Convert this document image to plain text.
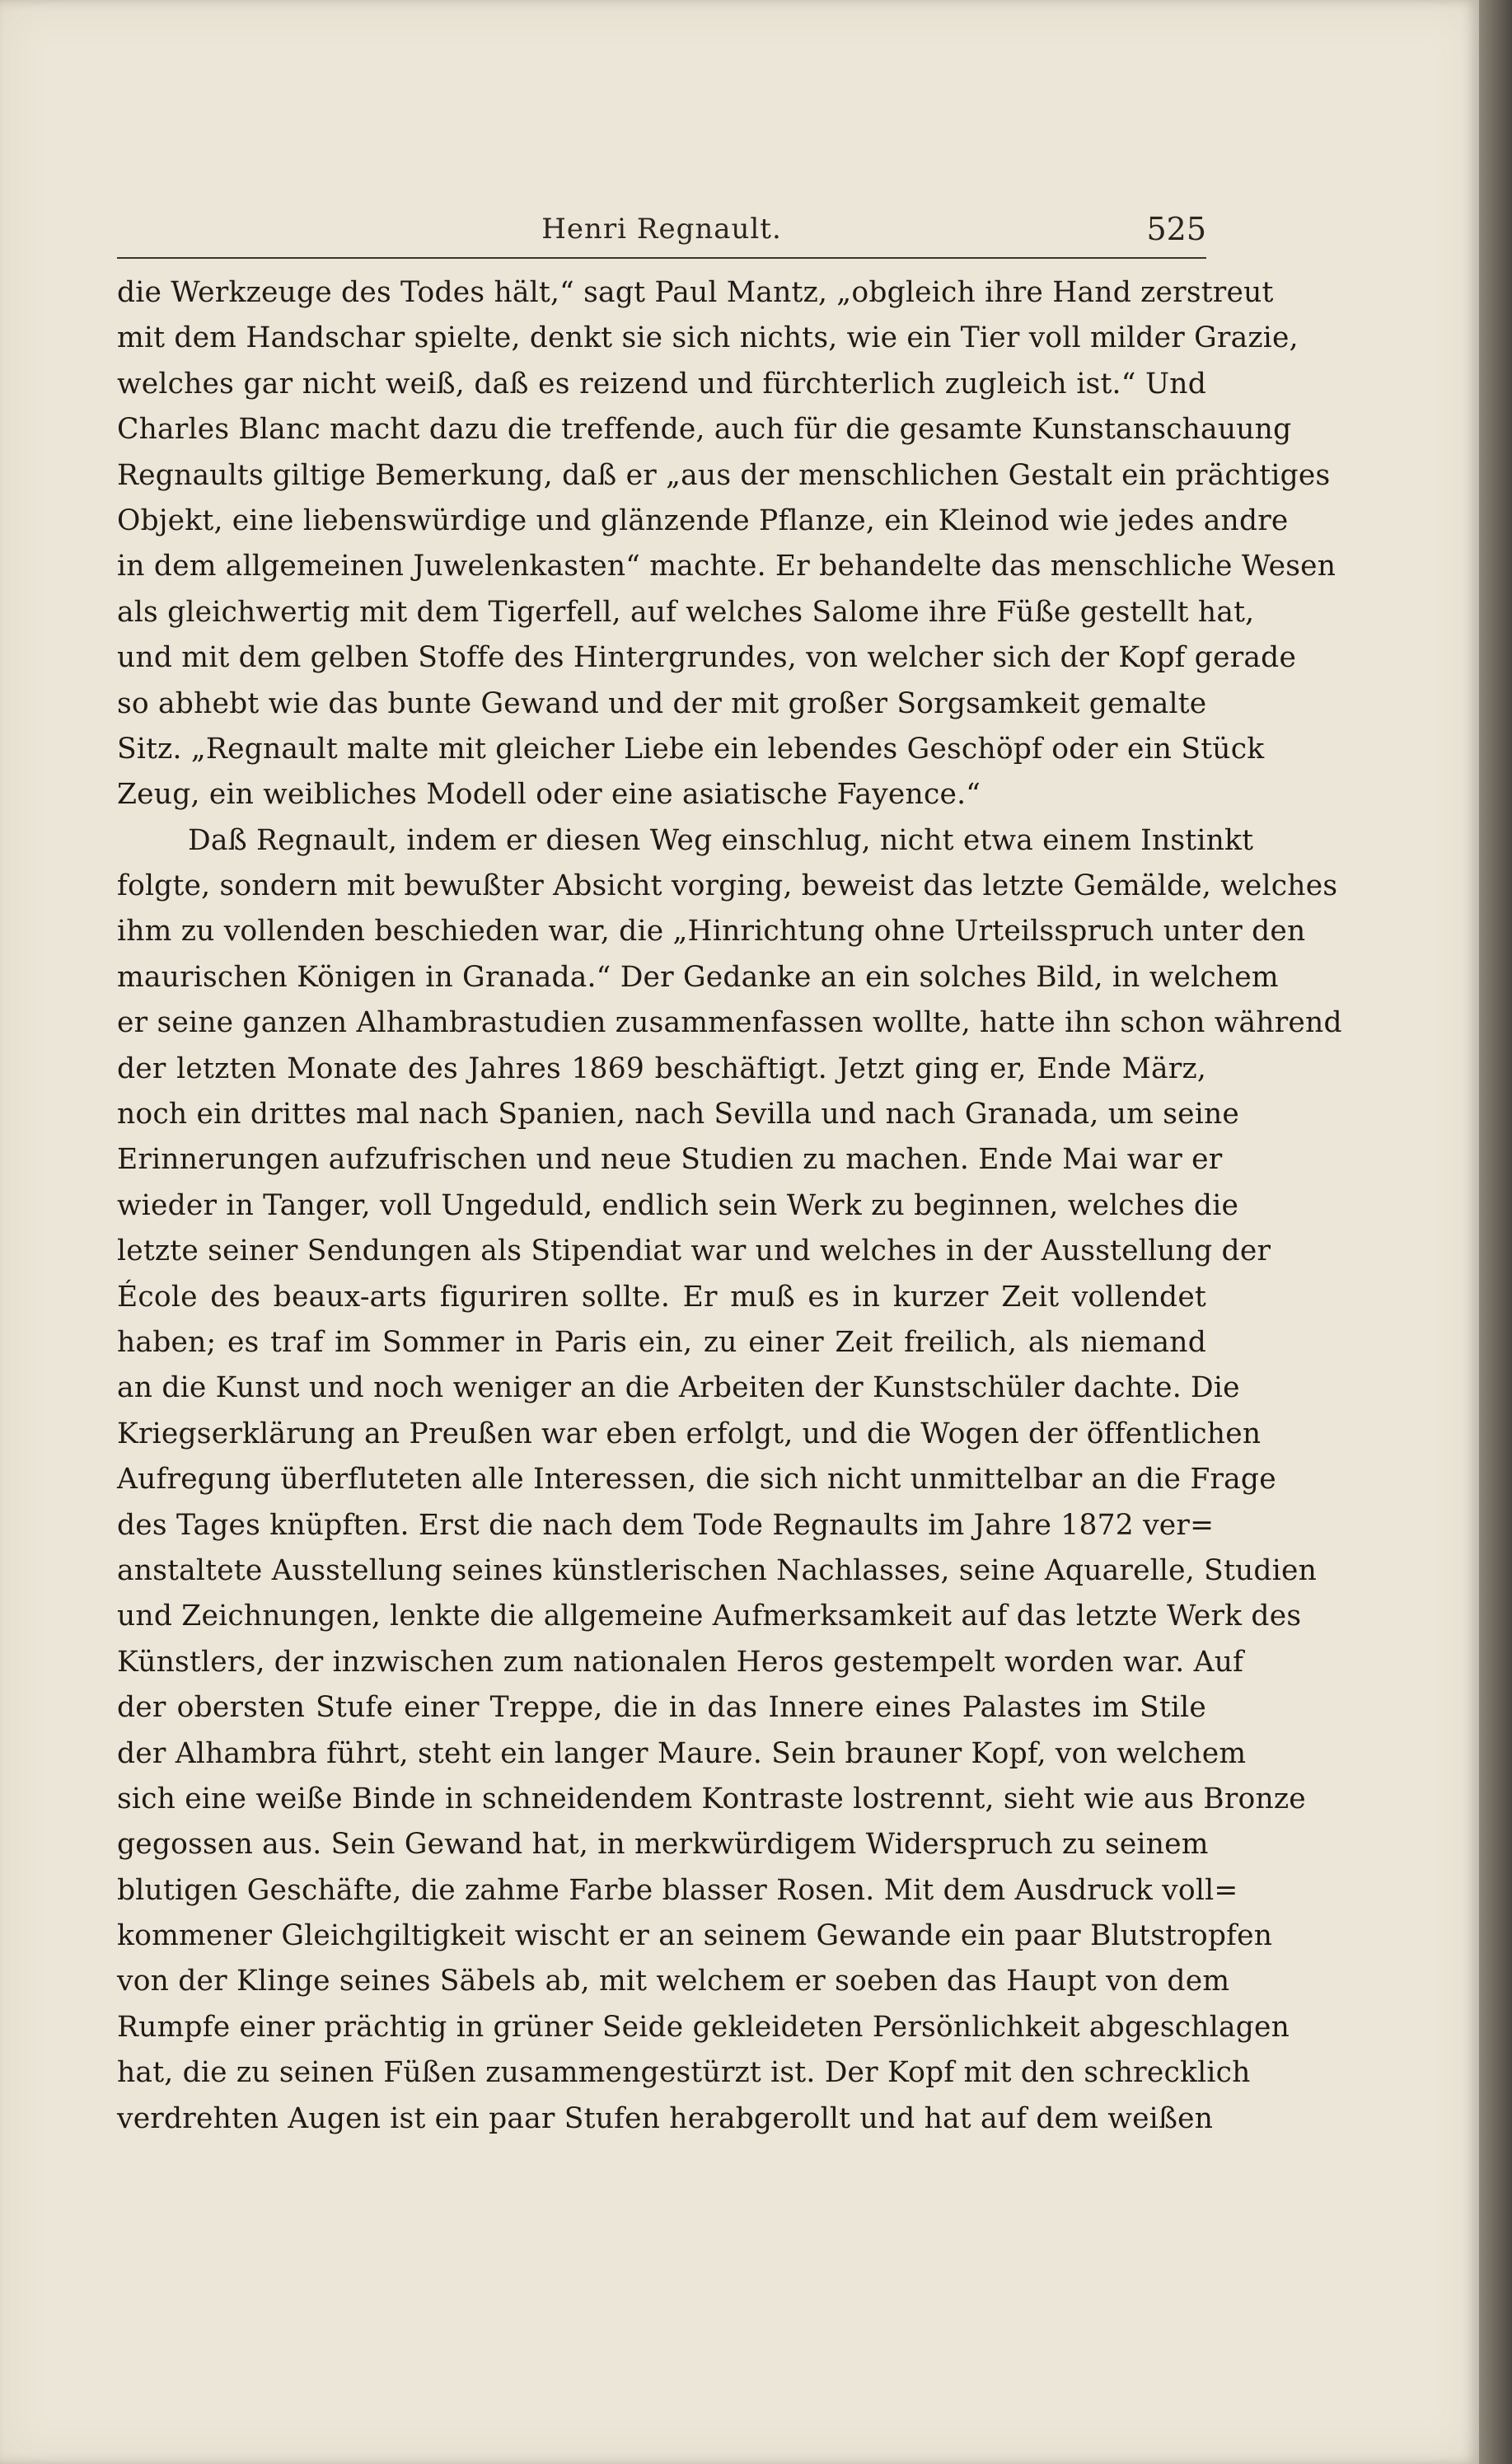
Henri Regnault.	525
die Werkzeuge des Todes hält,“ sagt Paul Mantz, „obgleich ihre Hand zerstreut
mit dem Handschar spielte, denkt sie sich nichts, wie ein Tier voll milder Grazie,
welches gar nicht weiß, daß es reizend und fürchterlich zugleich ist.“ Und
Charles Blanc macht dazu die treffende, auch für die gesamte Kunstanschauung
Regnaults giltige Bemerkung, daß er „aus der menschlichen Gestalt ein prächtiges
Objekt, eine liebenswürdige und glänzende Pflanze, ein Kleinod wie jedes andre
in dem allgemeinen Juwelenkasten“ machte. Er behandelte das menschliche Wesen
als gleichwertig mit dem Tigerfell, auf welches Salome ihre Füße gestellt hat,
und mit dem gelben Stoffe des Hintergrundes, von welcher sich der Kopf gerade
so abhebt wie das bunte Gewand und der mit großer Sorgsamkeit gemalte
Sitz. „Regnault malte mit gleicher Liebe ein lebendes Geschöpf oder ein Stück
Zeug, ein weibliches Modell oder eine asiatische Fayence.“
Daß Regnault, indem er diesen Weg einschlug, nicht etwa einem Instinkt
folgte, sondern mit bewußter Absicht vorging, beweist das letzte Gemälde, welches
ihm zu vollenden beschieden war, die „Hinrichtung ohne Urteilsspruch unter den
maurischen Königen in Granada.“ Der Gedanke an ein solches Bild, in welchem
er seine ganzen Alhambrastudien zusammenfassen wollte, hatte ihn schon während
der letzten Monate des Jahres 1869 beschäftigt. Jetzt ging er, Ende März,
noch ein drittes mal nach Spanien, nach Sevilla und nach Granada, um seine
Erinnerungen aufzufrischen und neue Studien zu machen. Ende Mai war er
wieder in Tanger, voll Ungeduld, endlich sein Werk zu beginnen, welches die
letzte seiner Sendungen als Stipendiat war und welches in der Ausstellung der
École des beaux-arts figuriren sollte. Er muß es in kurzer Zeit vollendet
haben; es traf im Sommer in Paris ein, zu einer Zeit freilich, als niemand
an die Kunst und noch weniger an die Arbeiten der Kunstschüler dachte. Die
Kriegserklärung an Preußen war eben erfolgt, und die Wogen der öffentlichen
Aufregung überfluteten alle Interessen, die sich nicht unmittelbar an die Frage
des Tages knüpften. Erst die nach dem Tode Regnaults im Jahre 1872 ver=
anstaltete Ausstellung seines künstlerischen Nachlasses, seine Aquarelle, Studien
und Zeichnungen, lenkte die allgemeine Aufmerksamkeit auf das letzte Werk des
Künstlers, der inzwischen zum nationalen Heros gestempelt worden war. Auf
der obersten Stufe einer Treppe, die in das Innere eines Palastes im Stile
der Alhambra führt, steht ein langer Maure. Sein brauner Kopf, von welchem
sich eine weiße Binde in schneidendem Kontraste lostrennt, sieht wie aus Bronze
gegossen aus. Sein Gewand hat, in merkwürdigem Widerspruch zu seinem
blutigen Geschäfte, die zahme Farbe blasser Rosen. Mit dem Ausdruck voll=
kommener Gleichgiltigkeit wischt er an seinem Gewande ein paar Blutstropfen
von der Klinge seines Säbels ab, mit welchem er soeben das Haupt von dem
Rumpfe einer prächtig in grüner Seide gekleideten Persönlichkeit abgeschlagen
hat, die zu seinen Füßen zusammengestürzt ist. Der Kopf mit den schrecklich
verdrehten Augen ist ein paar Stufen herabgerollt und hat auf dem weißen
